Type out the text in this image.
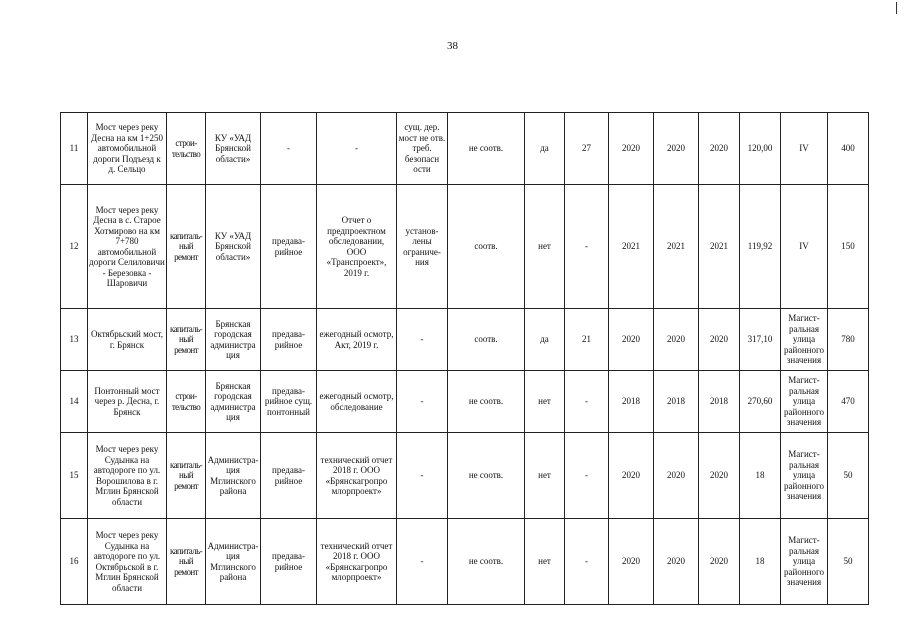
38
11	Мост через реку Десна на км 1+250 автомобильной дороги Подъезд к д. Сельцо	строи-тельство	КУ «УАД Брянской области»	-	-	сущ. дер. мост не отв. треб. безопасн ости	не соотв.	да	27	2020	2020	2020	120,00	IV	400
12	Мост через реку Десна в с. Старое Хотмирово на км 7+780 автомобильной дороги Селиловичи - Березовка - Шаровичи	капиталь-ный ремонт	КУ «УАД Брянской области»	предава-рийное	Отчет о предпроектном обследовании, ООО «Транспроект», 2019 г.	установ-лены ограниче-ния	соотв.	нет	-	2021	2021	2021	119,92	IV	150
13	Октябрьский мост, г. Брянск	капиталь-ный ремонт	Брянская городская администра ция	предава-рийное	ежегодный осмотр, Акт, 2019 г.	-	соотв.	да	21	2020	2020	2020	317,10	Магист-ральная улица районного значения	780
14	Понтонный мост через р. Десна, г. Брянск	строи-тельство	Брянская городская администра ция	предава-рийное сущ. понтонный	ежегодный осмотр, обследование	-	не соотв.	нет	-	2018	2018	2018	270,60	Магист-ральная улица районного значения	470
15	Мост через реку Судынка на автодороге по ул. Ворошилова в г. Мглин Брянской области	капиталь-ный ремонт	Администра-ция Мглинского района	предава-рийное	технический отчет 2018 г. ООО «Брянскагропро млорпроект»	-	не соотв.	нет	-	2020	2020	2020	18	Магист-ральная улица районного значения	50
16	Мост через реку Судынка на автодороге по ул. Октябрьской в г. Мглин Брянской области	капиталь-ный ремонт	Администра-ция Мглинского района	предава-рийное	технический отчет 2018 г. ООО «Брянскагропро млорпроект»	-	не соотв.	нет	-	2020	2020	2020	18	Магист-ральная улица районного значения	50
